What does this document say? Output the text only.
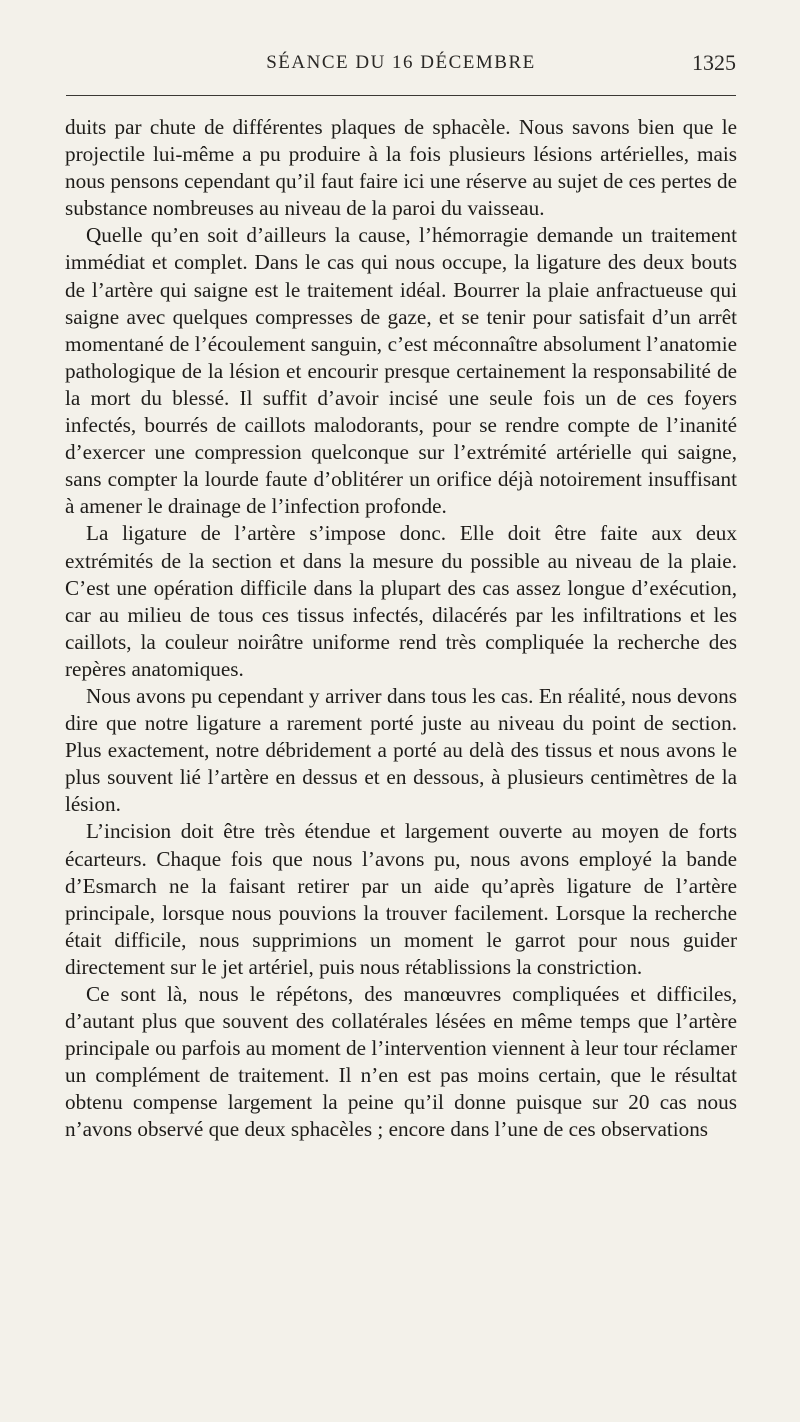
SÉANCE DU 16 DÉCEMBRE	1325

duits par chute de différentes plaques de sphacèle. Nous savons bien que le projectile lui-même a pu produire à la fois plusieurs lésions artérielles, mais nous pensons cependant qu’il faut faire ici une réserve au sujet de ces pertes de substance nombreuses au niveau de la paroi du vaisseau.

Quelle qu’en soit d’ailleurs la cause, l’hémorragie demande un traitement immédiat et complet. Dans le cas qui nous occupe, la ligature des deux bouts de l’artère qui saigne est le traitement idéal. Bourrer la plaie anfractueuse qui saigne avec quelques compresses de gaze, et se tenir pour satisfait d’un arrêt momentané de l’écoulement sanguin, c’est méconnaître absolument l’anatomie pathologique de la lésion et encourir presque certainement la responsabilité de la mort du blessé. Il suffit d’avoir incisé une seule fois un de ces foyers infectés, bourrés de caillots malodorants, pour se rendre compte de l’inanité d’exercer une compression quelconque sur l’extrémité artérielle qui saigne, sans compter la lourde faute d’oblitérer un orifice déjà notoirement insuffisant à amener le drainage de l’infection profonde.

La ligature de l’artère s’impose donc. Elle doit être faite aux deux extrémités de la section et dans la mesure du possible au niveau de la plaie. C’est une opération difficile dans la plupart des cas assez longue d’exécution, car au milieu de tous ces tissus infectés, dilacérés par les infiltrations et les caillots, la couleur noirâtre uniforme rend très compliquée la recherche des repères anatomiques.

Nous avons pu cependant y arriver dans tous les cas. En réalité, nous devons dire que notre ligature a rarement porté juste au niveau du point de section. Plus exactement, notre débridement a porté au delà des tissus et nous avons le plus souvent lié l’artère en dessus et en dessous, à plusieurs centimètres de la lésion.

L’incision doit être très étendue et largement ouverte au moyen de forts écarteurs. Chaque fois que nous l’avons pu, nous avons employé la bande d’Esmarch ne la faisant retirer par un aide qu’après ligature de l’artère principale, lorsque nous pouvions la trouver facilement. Lorsque la recherche était difficile, nous supprimions un moment le garrot pour nous guider directement sur le jet artériel, puis nous rétablissions la constriction.

Ce sont là, nous le répétons, des manœuvres compliquées et difficiles, d’autant plus que souvent des collatérales lésées en même temps que l’artère principale ou parfois au moment de l’intervention viennent à leur tour réclamer un complément de traitement. Il n’en est pas moins certain, que le résultat obtenu compense largement la peine qu’il donne puisque sur 20 cas nous n’avons observé que deux sphacèles ; encore dans l’une de ces observations
